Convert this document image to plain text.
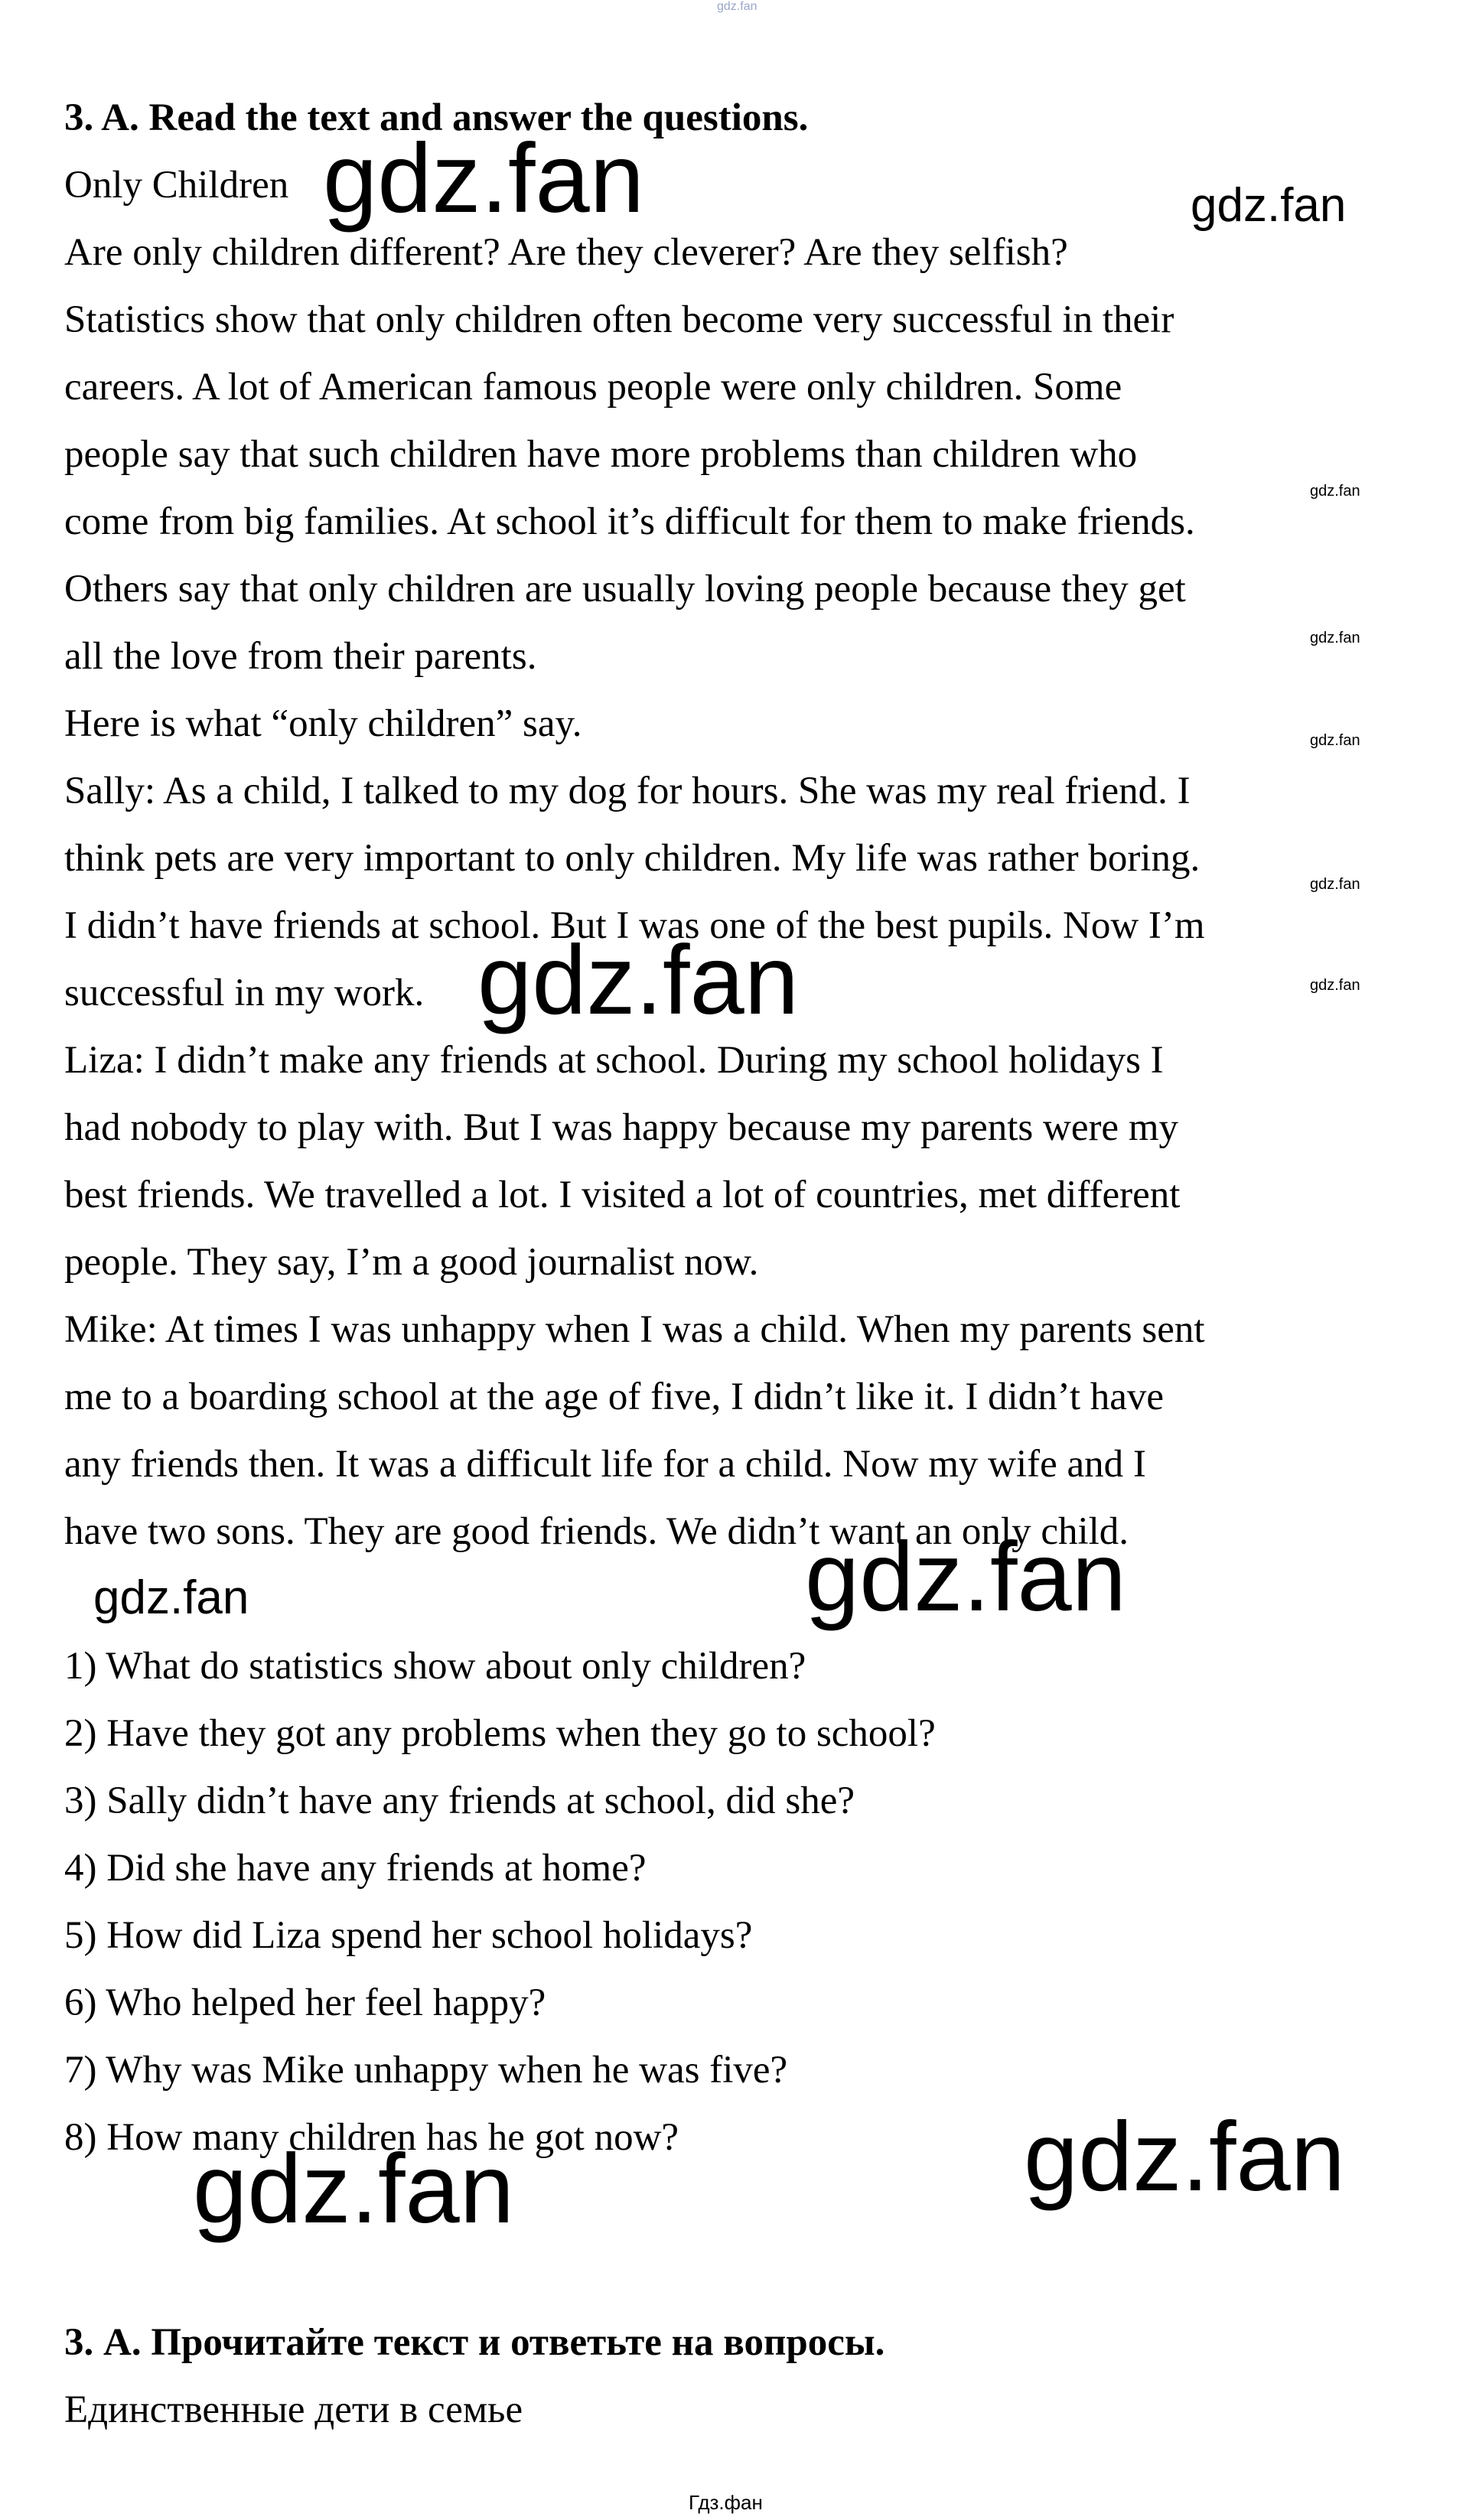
gdz.fan
3. A. Read the text and answer the questions.
Only Children
Are only children different? Are they cleverer? Are they selfish?
Statistics show that only children often become very successful in their
careers. A lot of American famous people were only children. Some
people say that such children have more problems than children who
come from big families. At school it’s difficult for them to make friends.
Others say that only children are usually loving people because they get
all the love from their parents.
Here is what “only children” say.
Sally: As a child, I talked to my dog for hours. She was my real friend. I
think pets are very important to only children. My life was rather boring.
I didn’t have friends at school. But I was one of the best pupils. Now I’m
successful in my work.
Liza: I didn’t make any friends at school. During my school holidays I
had nobody to play with. But I was happy because my parents were my
best friends. We travelled a lot. I visited a lot of countries, met different
people. They say, I’m a good journalist now.
Mike: At times I was unhappy when I was a child. When my parents sent
me to a boarding school at the age of five, I didn’t like it. I didn’t have
any friends then. It was a difficult life for a child. Now my wife and I
have two sons. They are good friends. We didn’t want an only child.
1) What do statistics show about only children?
2) Have they got any problems when they go to school?
3) Sally didn’t have any friends at school, did she?
4) Did she have any friends at home?
5) How did Liza spend her school holidays?
6) Who helped her feel happy?
7) Why was Mike unhappy when he was five?
8) How many children has he got now?
3. А. Прочитайте текст и ответьте на вопросы.
Единственные дети в семье
gdz.fan	gdz.fan
gdz.fan
gdz.fan
gdz.fan
gdz.fan
gdz.fan
gdz.fan
gdz.fan
gdz.fan
gdz.fan
gdz.fan
Гдз.фан
